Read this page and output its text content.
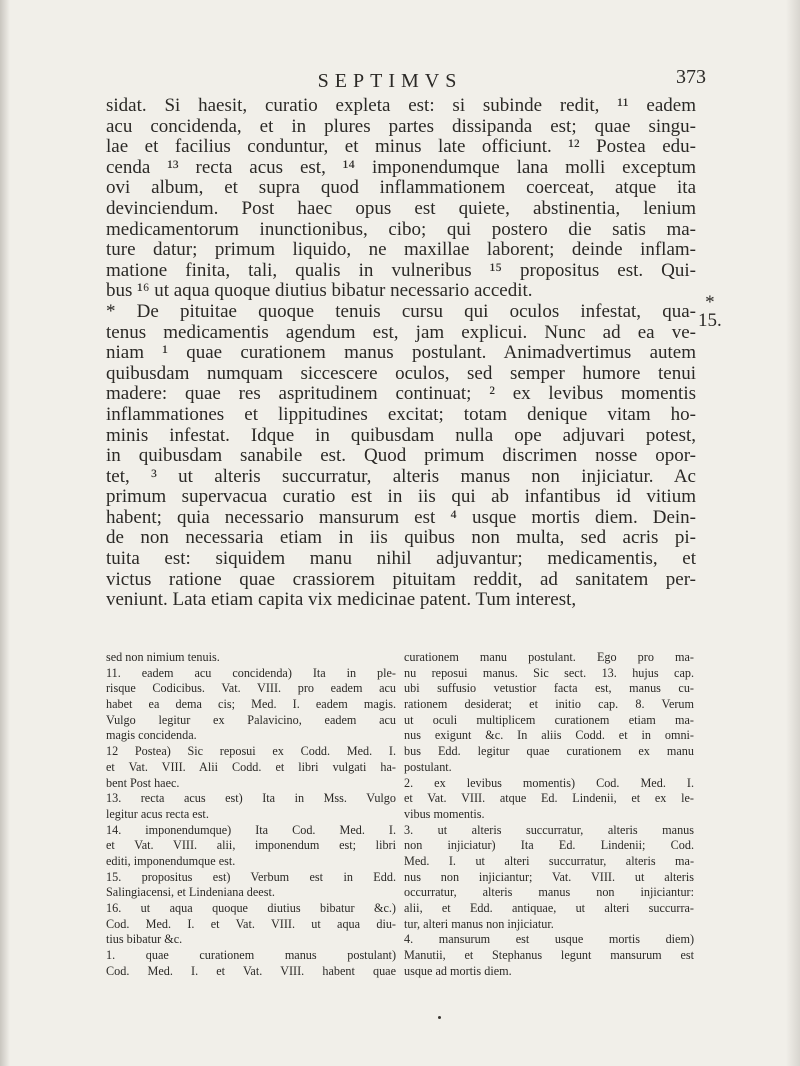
SEPTIMVS	373
sidat. Si haesit, curatio expleta est: si subinde redit, ¹¹ eadem
acu concidenda, et in plures partes dissipanda est; quae singu-
lae et facilius conduntur, et minus late officiunt. ¹² Postea edu-
cenda ¹³ recta acus est, ¹⁴ imponendumque lana molli exceptum
ovi album, et supra quod inflammationem coerceat, atque ita
devinciendum. Post haec opus est quiete, abstinentia, lenium
medicamentorum inunctionibus, cibo; qui postero die satis ma-
ture datur; primum liquido, ne maxillae laborent; deinde inflam-
matione finita, tali, qualis in vulneribus ¹⁵ propositus est. Qui-
bus ¹⁶ ut aqua quoque diutius bibatur necessario accedit.
* De pituitae quoque tenuis cursu qui oculos infestat, qua-
tenus medicamentis agendum est, jam explicui. Nunc ad ea ve-
niam ¹ quae curationem manus postulant. Animadvertimus autem
quibusdam numquam siccescere oculos, sed semper humore tenui
madere: quae res aspritudinem continuat; ² ex levibus momentis
inflammationes et lippitudines excitat; totam denique vitam ho-
minis infestat. Idque in quibusdam nulla ope adjuvari potest,
in quibusdam sanabile est. Quod primum discrimen nosse opor-
tet, ³ ut alteris succurratur, alteris manus non injiciatur. Ac
primum supervacua curatio est in iis qui ab infantibus id vitium
habent; quia necessario mansurum est ⁴ usque mortis diem. Dein-
de non necessaria etiam in iis quibus non multa, sed acris pi-
tuita est: siquidem manu nihil adjuvantur; medicamentis, et
victus ratione quae crassiorem pituitam reddit, ad sanitatem per-
veniunt. Lata etiam capita vix medicinae patent. Tum interest,
*
15.
sed non nimium tenuis.
11. eadem acu concidenda) Ita in ple-
risque Codicibus. Vat. VIII. pro eadem acu
habet ea dema cis; Med. I. eadem magis.
Vulgo legitur ex Palavicino, eadem acu
magis concidenda.
12 Postea) Sic reposui ex Codd. Med. I.
et Vat. VIII. Alii Codd. et libri vulgati ha-
bent Post haec.
13. recta acus est) Ita in Mss. Vulgo
legitur acus recta est.
14. imponendumque) Ita Cod. Med. I.
et Vat. VIII. alii, imponendum est; libri
editi, imponendumque est.
15. propositus est) Verbum est in Edd.
Salingiacensi, et Lindeniana deest.
16. ut aqua quoque diutius bibatur &c.)
Cod. Med. I. et Vat. VIII. ut aqua diu-
tius bibatur &c.
1. quae curationem manus postulant)
Cod. Med. I. et Vat. VIII. habent quae
curationem manu postulant. Ego pro ma-
nu reposui manus. Sic sect. 13. hujus cap.
ubi suffusio vetustior facta est, manus cu-
rationem desiderat; et initio cap. 8. Verum
ut oculi multiplicem curationem etiam ma-
nus exigunt &c. In aliis Codd. et in omni-
bus Edd. legitur quae curationem ex manu
postulant.
2. ex levibus momentis) Cod. Med. I.
et Vat. VIII. atque Ed. Lindenii, et ex le-
vibus momentis.
3. ut alteris succurratur, alteris manus
non injiciatur) Ita Ed. Lindenii; Cod.
Med. I. ut alteri succurratur, alteris ma-
nus non injiciantur; Vat. VIII. ut alteris
occurratur, alteris manus non injiciantur:
alii, et Edd. antiquae, ut alteri succurra-
tur, alteri manus non injiciatur.
4. mansurum est usque mortis diem)
Manutii, et Stephanus legunt mansurum est
usque ad mortis diem.
